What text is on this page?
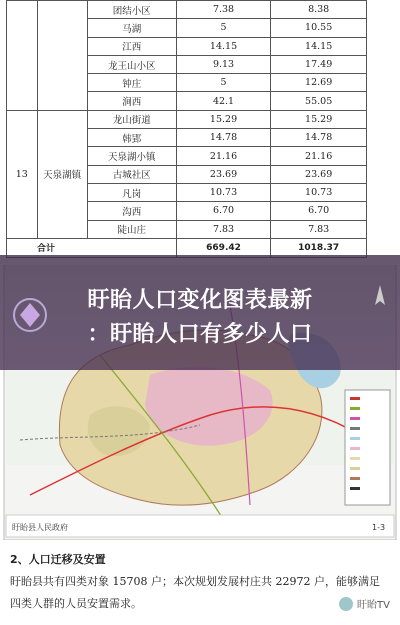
		团结小区	7.38	8.38
		马湖	5	10.55
		江西	14.15	14.15
		龙王山小区	9.13	17.49
		钟庄	5	12.69
		涧西	42.1	55.05
13	天泉湖镇	龙山街道	15.29	15.29
		韩郢	14.78	14.78
		天泉湖小镇	21.16	21.16
		古城社区	23.69	23.69
		凡岗	10.73	10.73
		沟西	6.70	6.70
		陡山庄	7.83	7.83
合计			669.42	1018.37
盱眙县人民政府	1-3
盱眙人口变化图表最新
：盱眙人口有多少人口
2、人口迁移及安置
盱眙县共有四类对象 15708 户；本次规划发展村庄共 22972 户，能够满足四类人群的人员安置需求。	盱眙TV
